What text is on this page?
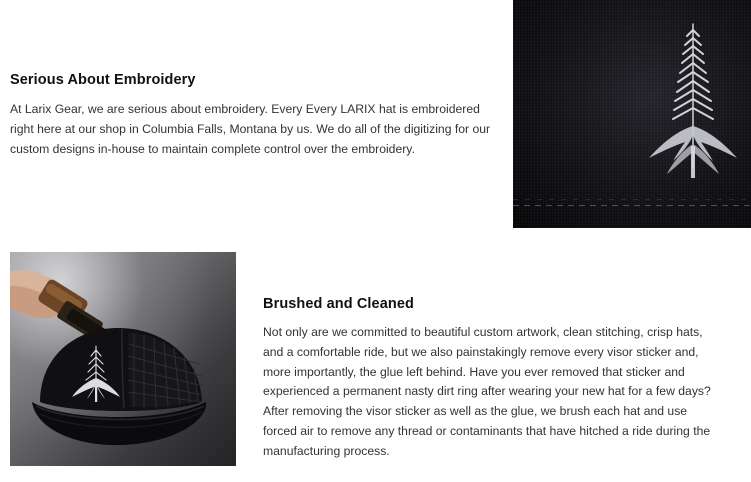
Serious About Embroidery

At Larix Gear, we are serious about embroidery. Every Every LARIX hat is embroidered right here at our shop in Columbia Falls, Montana by us. We do all of the digitizing for our custom designs in-house to maintain complete control over the embroidery.

Brushed and Cleaned

Not only are we committed to beautiful custom artwork, clean stitching, crisp hats, and a comfortable ride, but we also painstakingly remove every visor sticker and, more importantly, the glue left behind. Have you ever removed that sticker and experienced a permanent nasty dirt ring after wearing your new hat for a few days? After removing the visor sticker as well as the glue, we brush each hat and use forced air to remove any thread or contaminants that have hitched a ride during the manufacturing process.
